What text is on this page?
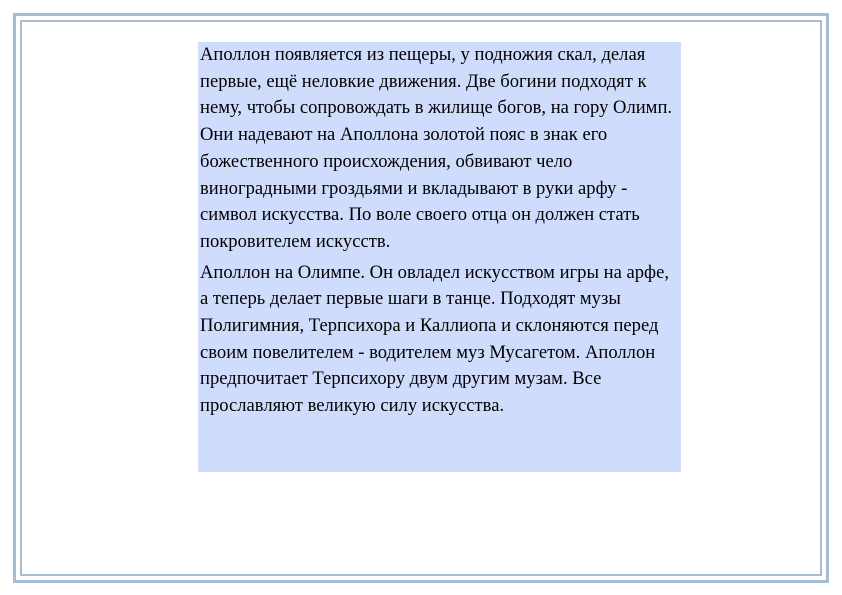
Аполлон появляется из пещеры, у подножия скал, делая первые, ещё неловкие движения. Две богини подходят к нему, чтобы сопровождать в жилище богов, на гору Олимп. Они надевают на Аполлона золотой пояс в знак его божественного происхождения, обвивают чело виноградными гроздьями и вкладывают в руки арфу - символ искусства. По воле своего отца он должен стать покровителем искусств.

Аполлон на Олимпе. Он овладел искусством игры на арфе, а теперь делает первые шаги в танце. Подходят музы Полигимния, Терпсихора и Каллиопа и склоняются перед своим повелителем - водителем муз Мусагетом. Аполлон предпочитает Терпсихору двум другим музам. Все прославляют великую силу искусства.
